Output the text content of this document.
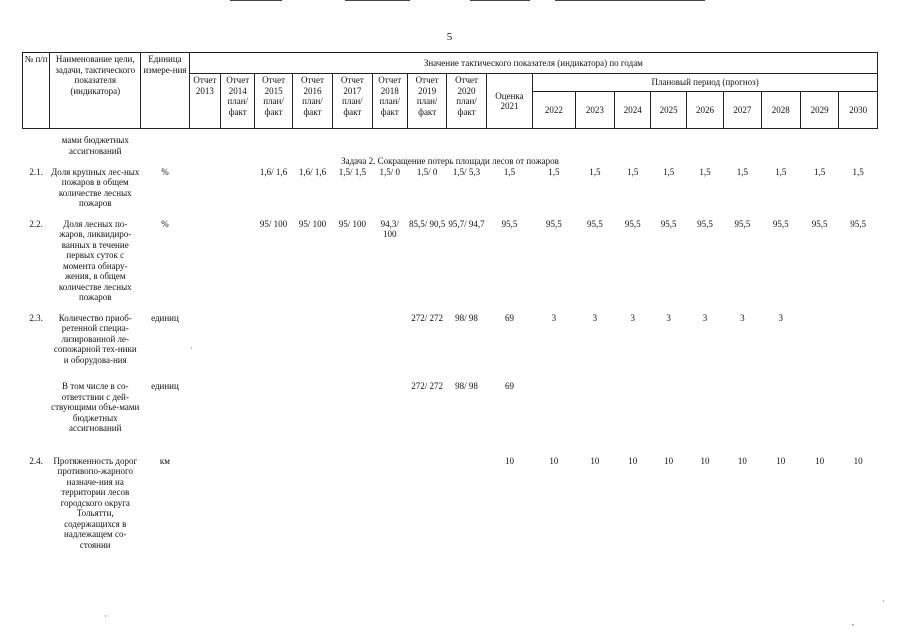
5
№ п/п	Наименование цели, задачи, тактического показателя (индикатора)	Единица измере-ния	Значение тактического показателя (индикатора) по годам																	
			Отчет 2013	Отчет 2014 план/ факт	Отчет 2015 план/ факт	Отчет 2016 план/ факт	Отчет 2017 план/ факт	Отчет 2018 план/ факт	Отчет 2019 план/ факт	Отчет 2020 план/ факт	Оценка 2021	Плановый период (прогноз)								
												2022	2023	2024	2025	2026	2027	2028	2029	2030
	мами бюджетных ассигнований																			
Задача 2. Сокращение потерь площади лесов от пожаров																				
2.1.	Доля крупных лес-ных пожаров в общем количестве лесных пожаров	%			1,6/ 1,6	1,6/ 1,6	1,5/ 1,5	1,5/ 0	1,5/ 0	1,5/ 5,3	1,5	1,5	1,5	1,5	1,5	1,5	1,5	1,5	1,5	1,5

2.2.	Доля лесных по-жаров, ликвидиро-ванных в течение первых суток с момента обнару-жения, в общем количестве лесных пожаров	%			95/ 100	95/ 100	95/ 100	94,3/ 100	85,5/ 90,5	95,7/ 94,7	95,5	95,5	95,5	95,5	95,5	95,5	95,5	95,5	95,5	95,5

2.3.	Количество приоб-ретенной специа-лизированной ле-сопожарной тех-ники и оборудова-ния	единиц							272/ 272	98/ 98	69	3	3	3	3	3	3	3		

	В том числе в со-ответствии с дей-ствующими объе-мами бюджетных ассигнований	единиц							272/ 272	98/ 98	69									

2.4.	Протяженность дорог противопо-жарного назначе-ния на территории лесов городского округа Тольятти, содержащихся в надлежащем со-стоянии	км									10	10	10	10	10	10	10	10	10	10
·
·
·
,
